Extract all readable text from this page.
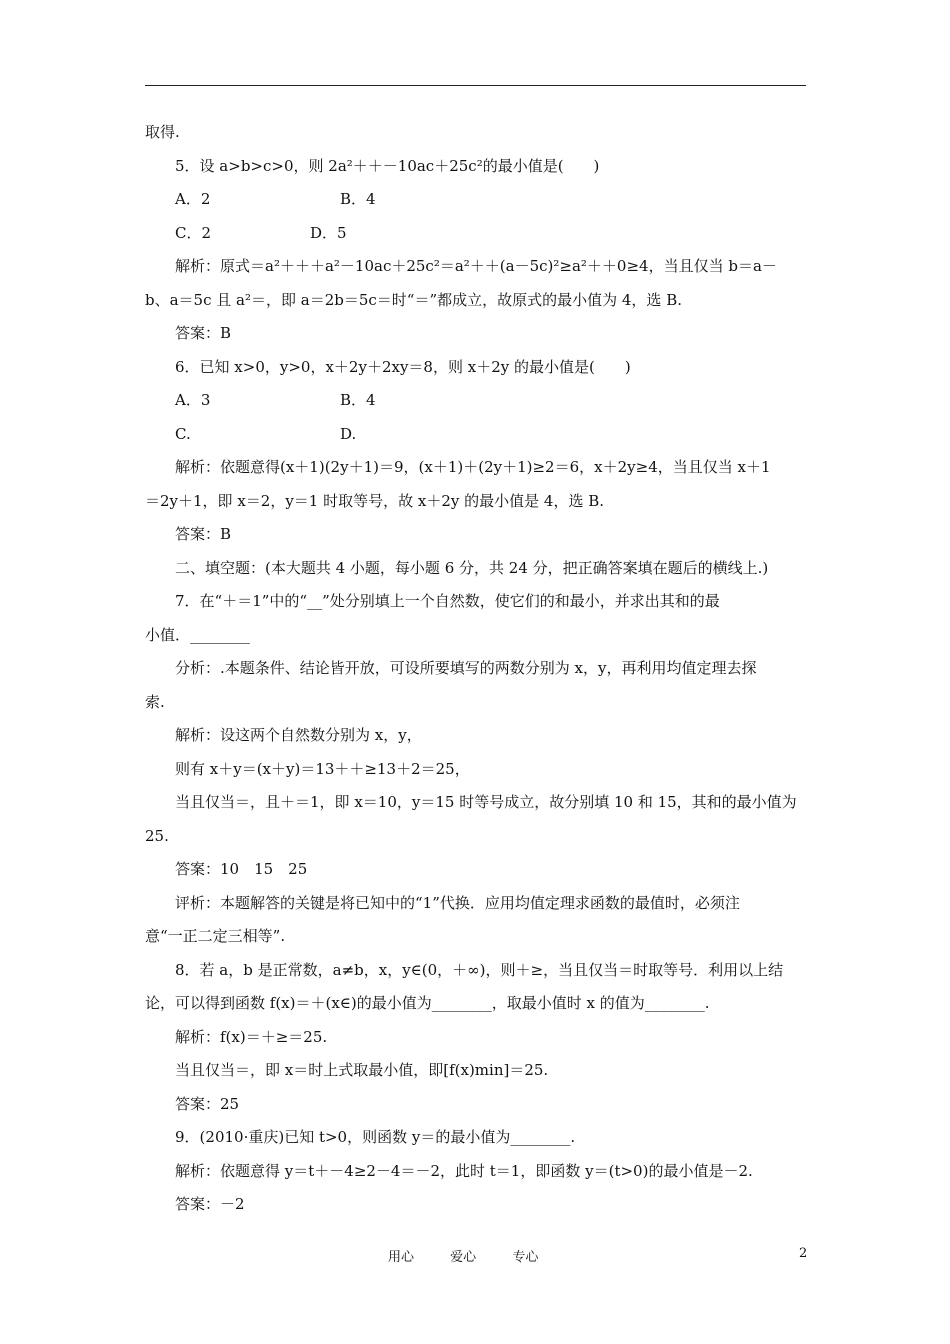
取得.
5．设 a>b>c>0，则 2a²＋＋－10ac＋25c²的最小值是(　　)
A．2	B．4
C．2	D．5
解析：原式＝a²＋＋＋a²－10ac＋25c²＝a²＋＋(a－5c)²≥a²＋＋0≥4，当且仅当 b＝a－
b、a＝5c 且 a²＝，即 a＝2b＝5c＝时“＝”都成立，故原式的最小值为 4，选 B.
答案：B
6．已知 x>0，y>0，x＋2y＋2xy＝8，则 x＋2y 的最小值是(　　)
A．3	B．4
C.	D.
解析：依题意得(x＋1)(2y＋1)＝9，(x＋1)＋(2y＋1)≥2＝6，x＋2y≥4，当且仅当 x＋1
＝2y＋1，即 x＝2，y＝1 时取等号，故 x＋2y 的最小值是 4，选 B.
答案：B
二、填空题：(本大题共 4 小题，每小题 6 分，共 24 分，把正确答案填在题后的横线上.)
7．在“＋＝1”中的“__”处分别填上一个自然数，使它们的和最小，并求出其和的最
小值．________
分析：.本题条件、结论皆开放，可设所要填写的两数分别为 x，y，再利用均值定理去探
索.
解析：设这两个自然数分别为 x，y，
则有 x＋y＝(x＋y)＝13＋＋≥13＋2＝25，
当且仅当＝，且＋＝1，即 x＝10，y＝15 时等号成立，故分别填 10 和 15，其和的最小值为
25.
答案：10　15　25
评析：本题解答的关键是将已知中的“1”代换．应用均值定理求函数的最值时，必须注
意“一正二定三相等”.
8．若 a，b 是正常数，a≠b，x，y∈(0，＋∞)，则＋≥，当且仅当＝时取等号．利用以上结
论，可以得到函数 f(x)＝＋(x∈)的最小值为________，取最小值时 x 的值为________.
解析：f(x)＝＋≥＝25.
当且仅当＝，即 x＝时上式取最小值，即[f(x)min]＝25.
答案：25
9．(2010·重庆)已知 t>0，则函数 y＝的最小值为________.
解析：依题意得 y＝t＋－4≥2－4＝－2，此时 t＝1，即函数 y＝(t>0)的最小值是－2.
答案：－2
用心	爱心	专心	2
